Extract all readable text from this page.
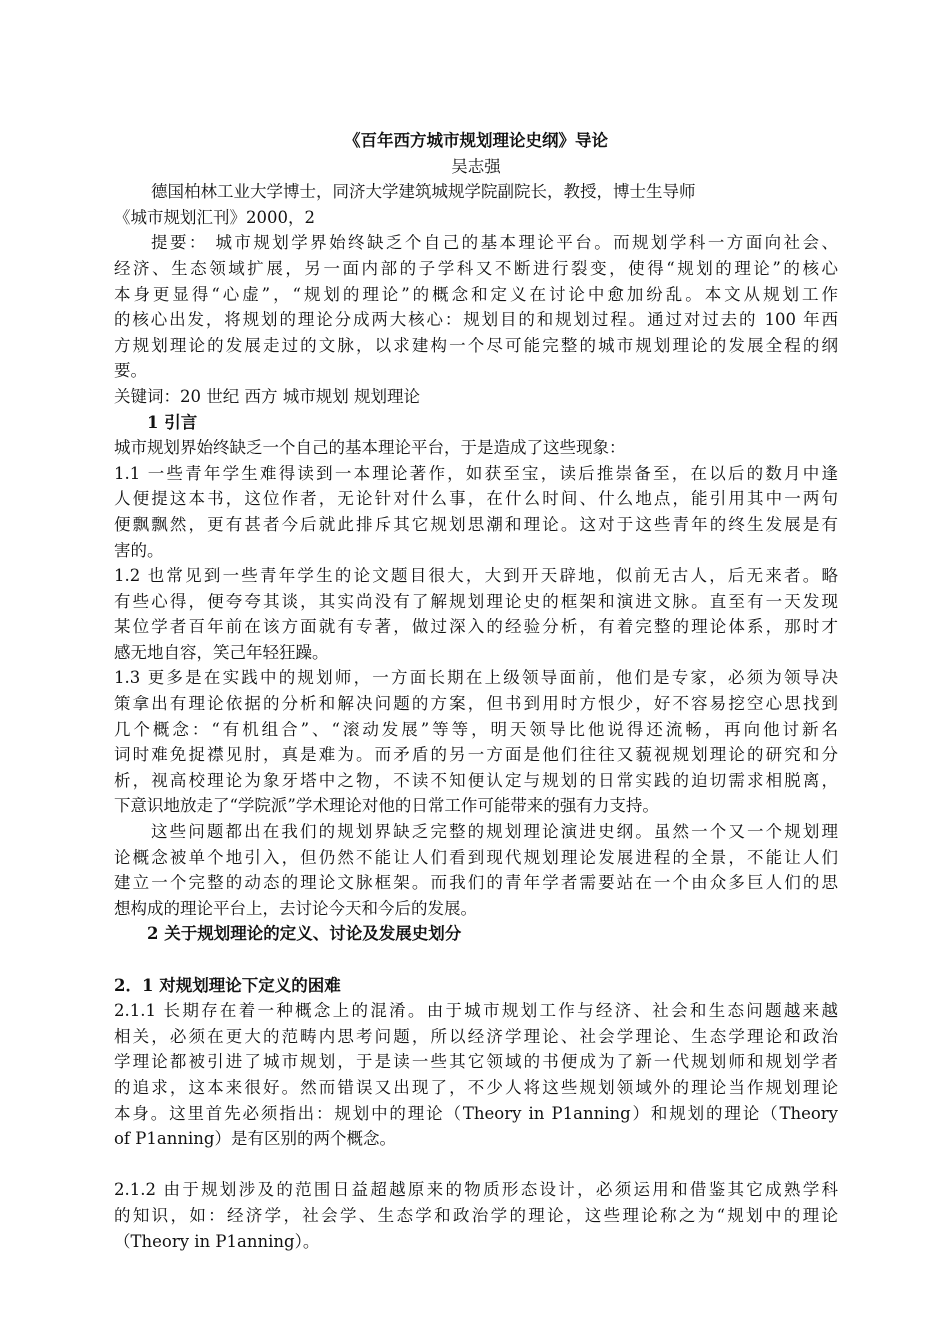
《百年西方城市规划理论史纲》导论
吴志强
德国柏林工业大学博士，同济大学建筑城规学院副院长，教授，博士生导师
《城市规划汇刊》2000，2
提要： 城市规划学界始终缺乏个自己的基本理论平台。而规划学科一方面向社会、
经济、生态领域扩展，另一面内部的子学科又不断进行裂变，使得“规划的理论”的核心
本身更显得“心虚”，“规划的理论”的概念和定义在讨论中愈加纷乱。本文从规划工作
的核心出发，将规划的理论分成两大核心：规划目的和规划过程。通过对过去的 100 年西
方规划理论的发展走过的文脉，以求建构一个尽可能完整的城市规划理论的发展全程的纲
要。
关键词：20 世纪 西方 城市规划 规划理论
1 引言
城市规划界始终缺乏一个自己的基本理论平台，于是造成了这些现象：
1.1 一些青年学生难得读到一本理论著作，如获至宝，读后推崇备至，在以后的数月中逢
人便提这本书，这位作者，无论针对什么事，在什么时间、什么地点，能引用其中一两句
便飘飘然，更有甚者今后就此排斥其它规划思潮和理论。这对于这些青年的终生发展是有
害的。
1.2 也常见到一些青年学生的论文题目很大，大到开天辟地，似前无古人，后无来者。略
有些心得，便夸夸其谈，其实尚没有了解规划理论史的框架和演进文脉。直至有一天发现
某位学者百年前在该方面就有专著，做过深入的经验分析，有着完整的理论体系，那时才
感无地自容，笑己年轻狂躁。
1.3 更多是在实践中的规划师，一方面长期在上级领导面前，他们是专家，必须为领导决
策拿出有理论依据的分析和解决问题的方案，但书到用时方恨少，好不容易挖空心思找到
几个概念：“有机组合”、“滚动发展”等等，明天领导比他说得还流畅，再向他讨新名
词时难免捉襟见肘，真是难为。而矛盾的另一方面是他们往往又藐视规划理论的研究和分
析，视高校理论为象牙塔中之物，不读不知便认定与规划的日常实践的迫切需求相脱离，
下意识地放走了“学院派”学术理论对他的日常工作可能带来的强有力支持。
这些问题都出在我们的规划界缺乏完整的规划理论演进史纲。虽然一个又一个规划理
论概念被单个地引入，但仍然不能让人们看到现代规划理论发展进程的全景，不能让人们
建立一个完整的动态的理论文脉框架。而我们的青年学者需要站在一个由众多巨人们的思
想构成的理论平台上，去讨论今天和今后的发展。
2 关于规划理论的定义、讨论及发展史划分
2．1 对规划理论下定义的困难
2.1.1 长期存在着一种概念上的混淆。由于城市规划工作与经济、社会和生态问题越来越
相关，必须在更大的范畴内思考问题，所以经济学理论、社会学理论、生态学理论和政治
学理论都被引进了城市规划，于是读一些其它领域的书便成为了新一代规划师和规划学者
的追求，这本来很好。然而错误又出现了，不少人将这些规划领域外的理论当作规划理论
本身。这里首先必须指出：规划中的理论（Theory in P1anning）和规划的理论（Theory
of P1anning）是有区别的两个概念。
2.1.2 由于规划涉及的范围日益超越原来的物质形态设计，必须运用和借鉴其它成熟学科
的知识，如：经济学，社会学、生态学和政治学的理论，这些理论称之为“规划中的理论
（Theory in P1anning）。
